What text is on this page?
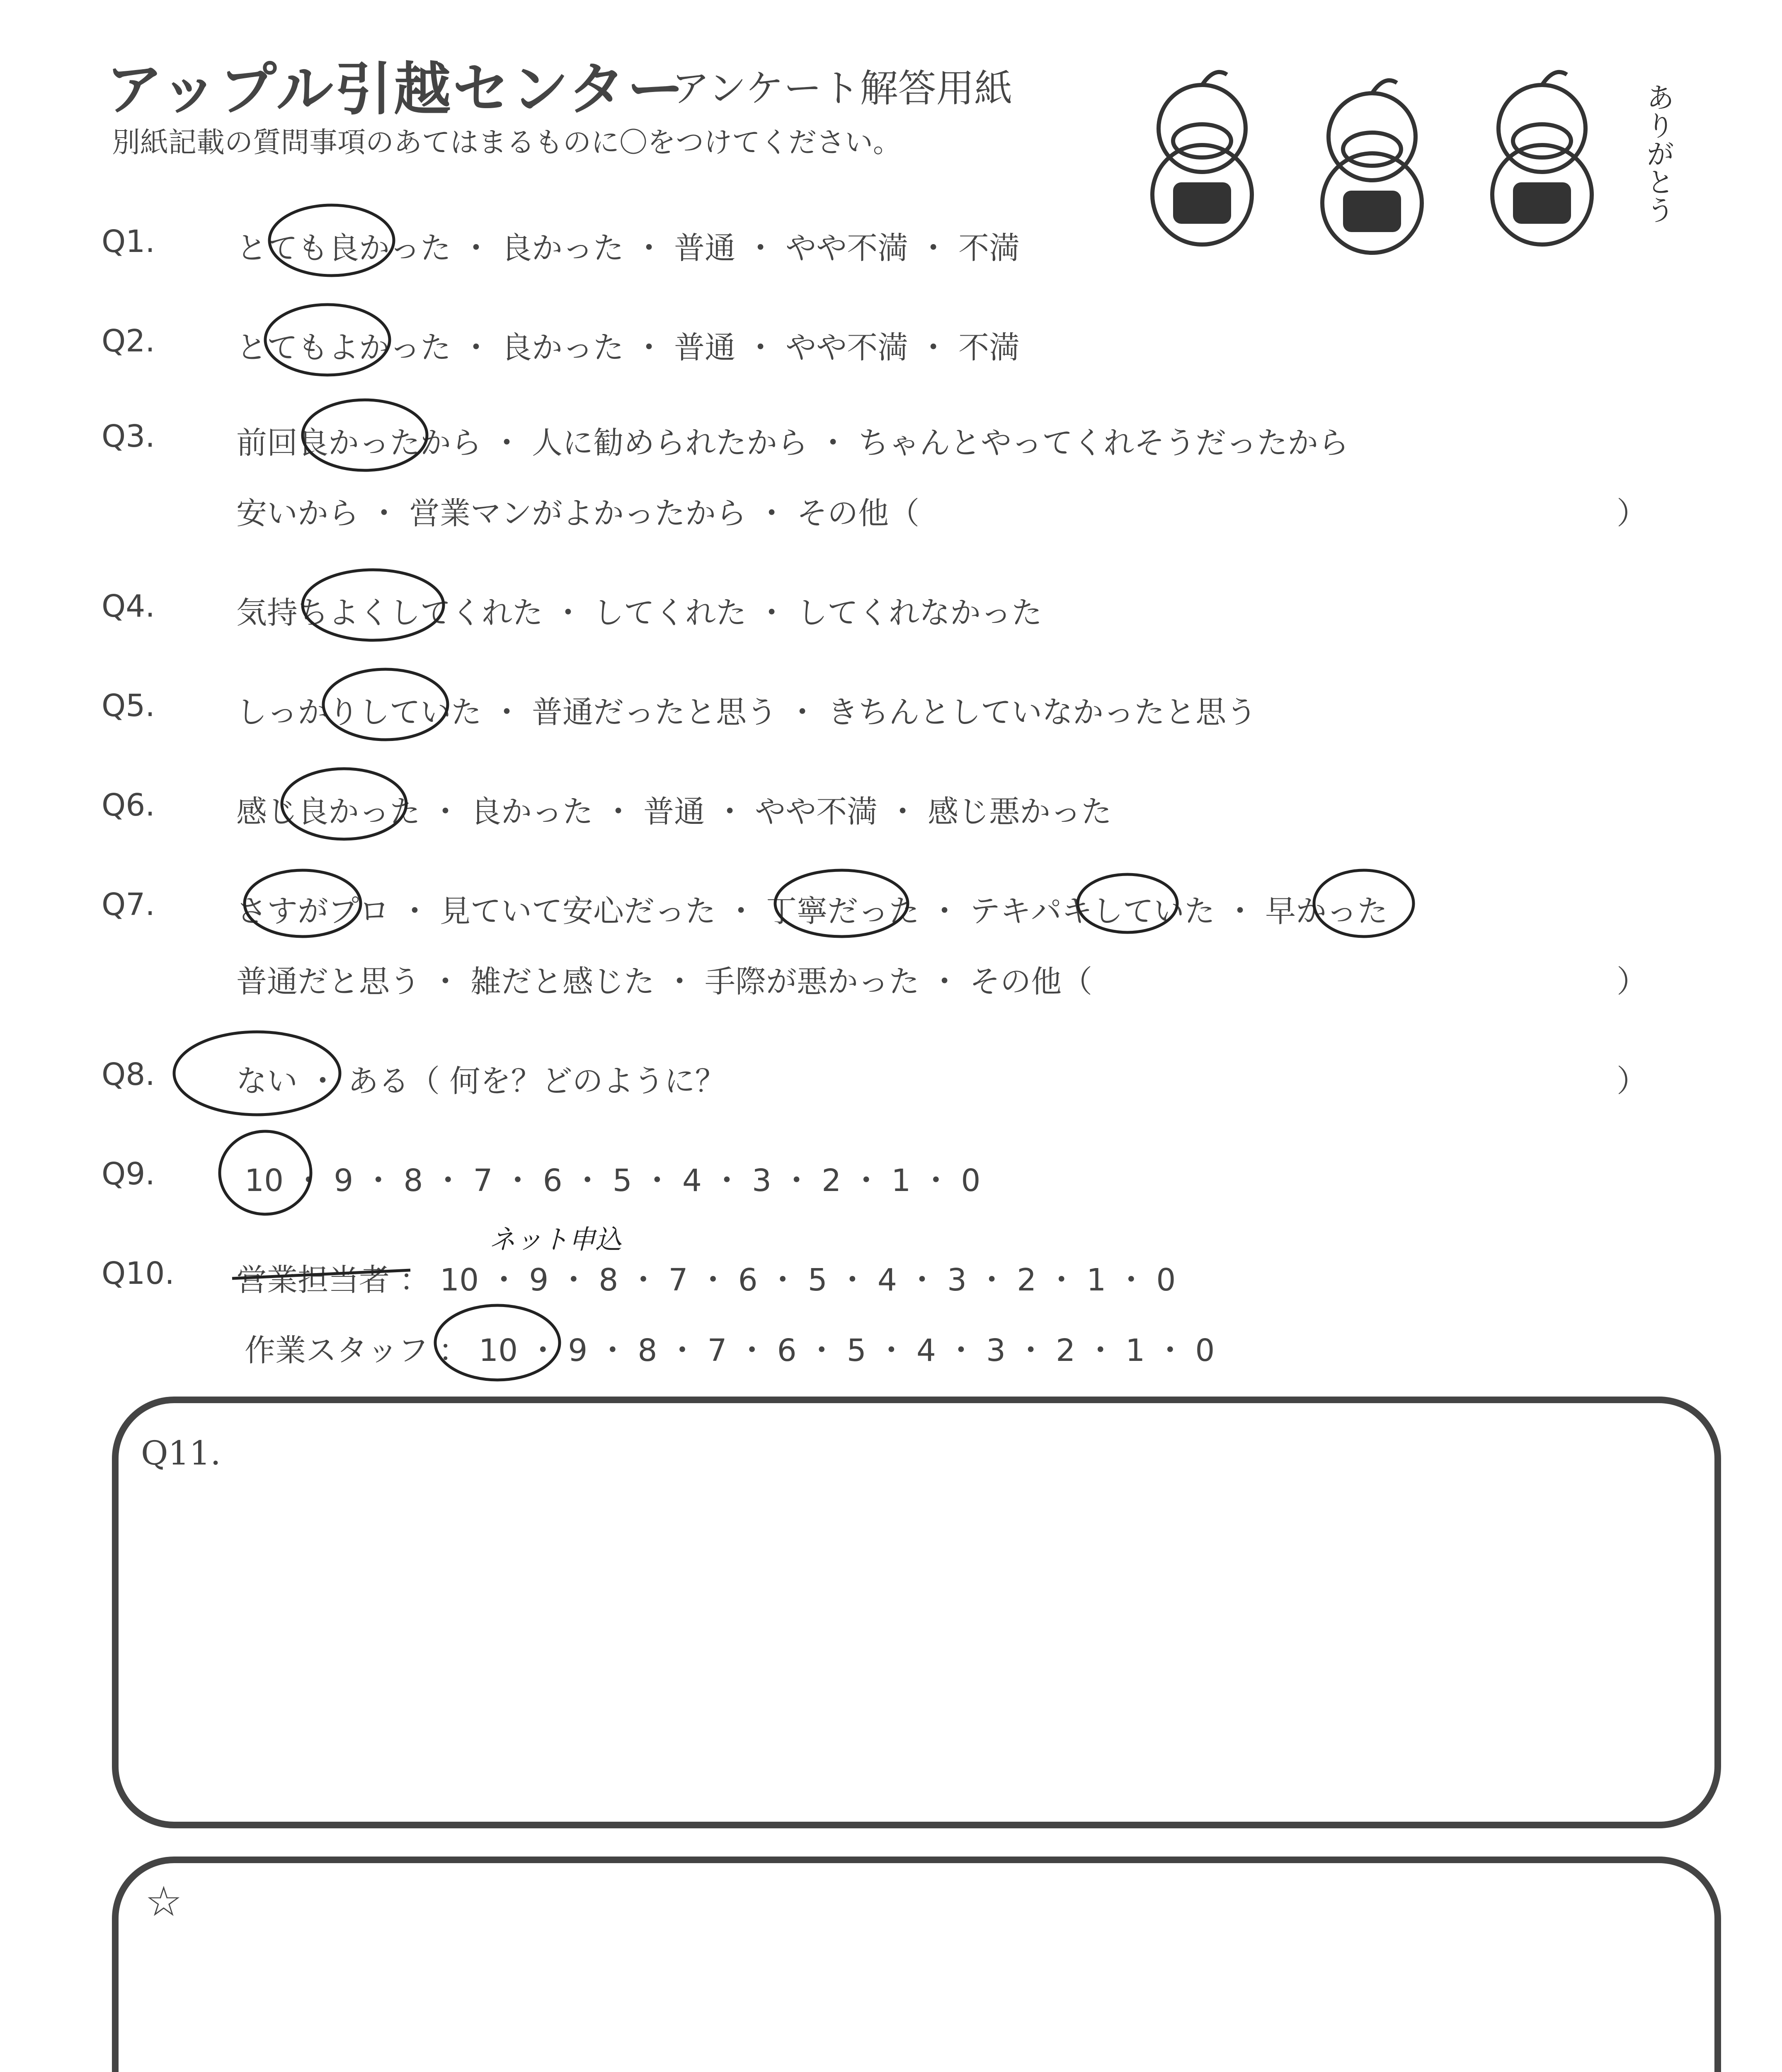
アップル引越センター
アンケート解答用紙
別紙記載の質問事項のあてはまるものに〇をつけてください。	ありがとう
Q1.	とても良かった ・ 良かった ・ 普通 ・ やや不満 ・ 不満
Q2.	とてもよかった ・ 良かった ・ 普通 ・ やや不満 ・ 不満
Q3.	前回良かったから ・ 人に勧められたから ・ ちゃんとやってくれそうだったから
安いから ・ 営業マンがよかったから ・ その他（	）
Q4.	気持ちよくしてくれた ・ してくれた ・ してくれなかった
Q5.	しっかりしていた ・ 普通だったと思う ・ きちんとしていなかったと思う
Q6.	感じ良かった ・ 良かった ・ 普通 ・ やや不満 ・ 感じ悪かった
Q7.	さすがプロ ・ 見ていて安心だった ・ 丁寧だった ・ テキパキしていた ・ 早かった
普通だと思う ・ 雑だと感じた ・ 手際が悪かった ・ その他（	）
Q8.	ない ・ ある（ 何を？どのように？	）
Q9.	10 ・ 9 ・ 8 ・ 7 ・ 6 ・ 5 ・ 4 ・ 3 ・ 2 ・ 1 ・ 0
ネット申込
Q10. 営業担当者 ： 10 ・ 9 ・ 8 ・ 7 ・ 6 ・ 5 ・ 4 ・ 3 ・ 2 ・ 1 ・ 0
作業スタッフ ： 10 ・ 9 ・ 8 ・ 7 ・ 6 ・ 5 ・ 4 ・ 3 ・ 2 ・ 1 ・ 0
Q11.
☆
